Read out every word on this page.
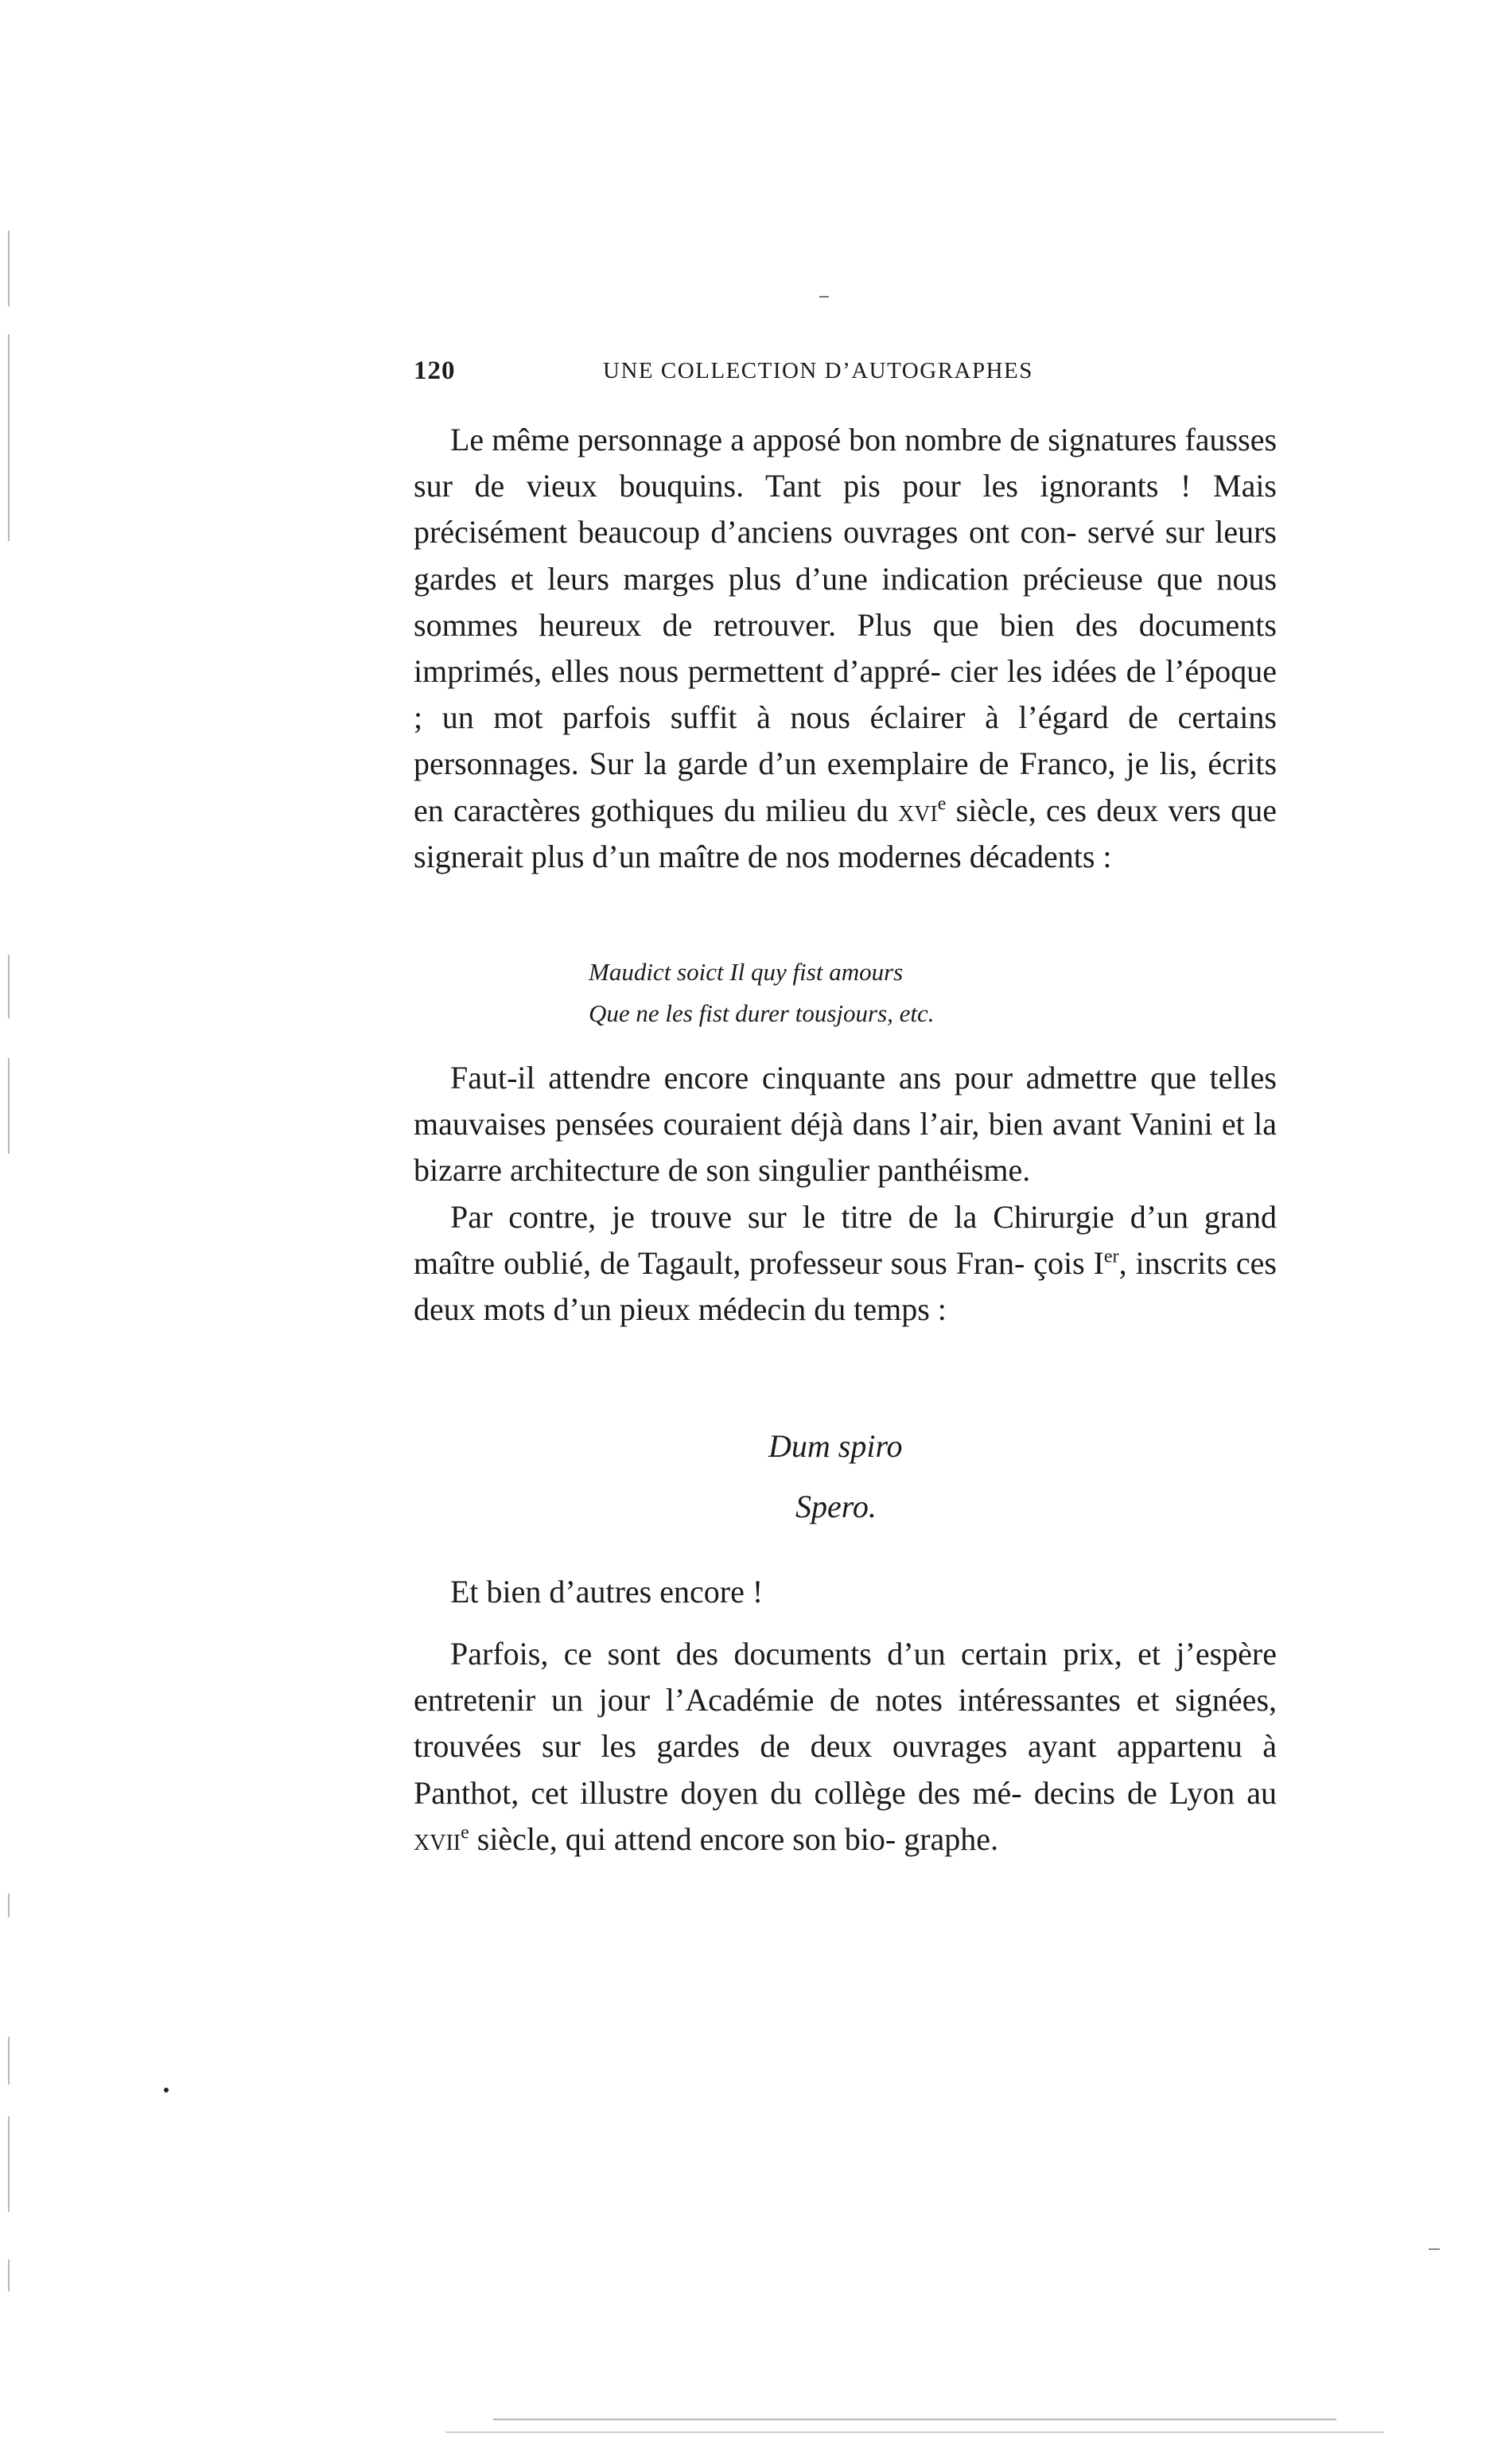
120	UNE COLLECTION D’AUTOGRAPHES

Le même personnage a apposé bon nombre de signatures fausses sur de vieux bouquins. Tant pis pour les ignorants ! Mais précisément beaucoup d’anciens ouvrages ont con- servé sur leurs gardes et leurs marges plus d’une indication précieuse que nous sommes heureux de retrouver. Plus que bien des documents imprimés, elles nous permettent d’appré- cier les idées de l’époque ; un mot parfois suffit à nous éclairer à l’égard de certains personnages. Sur la garde d’un exemplaire de Franco, je lis, écrits en caractères gothiques du milieu du xvi$^e$ siècle, ces deux vers que signerait plus d’un maître de nos modernes décadents :

Maudict soict Il quy fist amours
Que ne les fist durer tousjours, etc.

Faut-il attendre encore cinquante ans pour admettre que telles mauvaises pensées couraient déjà dans l’air, bien avant Vanini et la bizarre architecture de son singulier panthéisme.

Par contre, je trouve sur le titre de la Chirurgie d’un grand maître oublié, de Tagault, professeur sous Fran- çois Ier, inscrits ces deux mots d’un pieux médecin du temps :

Dum spiro
Spero.

Et bien d’autres encore !

Parfois, ce sont des documents d’un certain prix, et j’espère entretenir un jour l’Académie de notes intéressantes et signées, trouvées sur les gardes de deux ouvrages ayant appartenu à Panthot, cet illustre doyen du collège des mé- decins de Lyon au xvii$^e$ siècle, qui attend encore son bio- graphe.
